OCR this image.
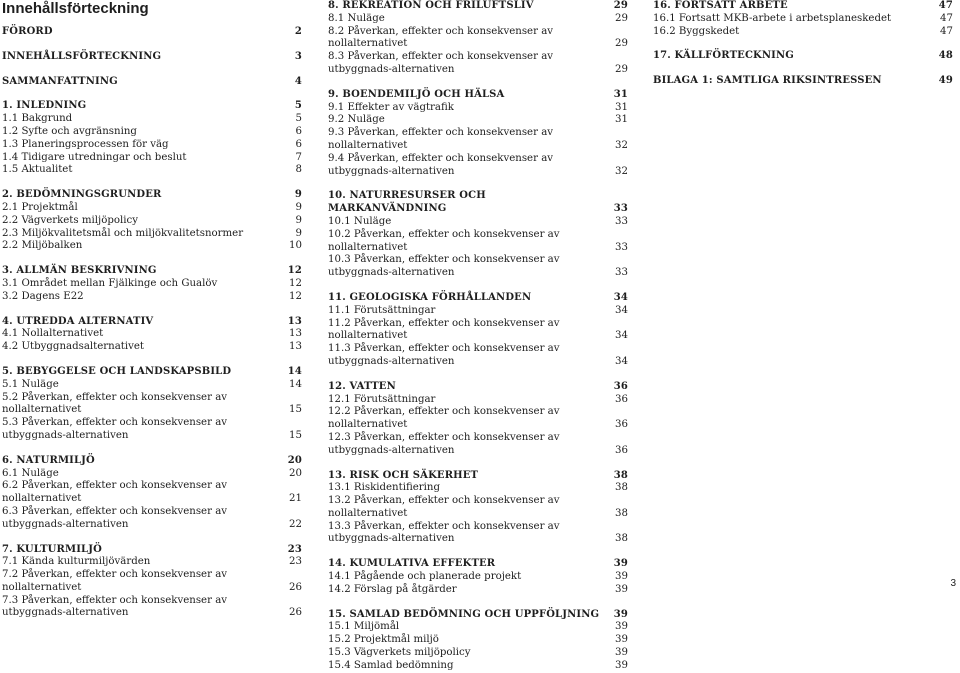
Innehållsförteckning
FÖRORD	2
INNEHÅLLSFÖRTECKNING	3
SAMMANFATTNING	4
1. INLEDNING	5
1.1 Bakgrund	5
1.2 Syfte och avgränsning	6
1.3 Planeringsprocessen för väg	6
1.4 Tidigare utredningar och beslut	7
1.5 Aktualitet	8
2. BEDÖMNINGSGRUNDER	9
2.1 Projektmål	9
2.2 Vägverkets miljöpolicy	9
2.3 Miljökvalitetsmål och miljökvalitetsnormer	9
2.2 Miljöbalken	10
3. ALLMÄN BESKRIVNING	12
3.1 Området mellan Fjälkinge och Gualöv	12
3.2 Dagens E22	12
4. UTREDDA ALTERNATIV	13
4.1 Nollalternativet	13
4.2 Utbyggnadsalternativet	13
5. BEBYGGELSE OCH LANDSKAPSBILD	14
5.1 Nuläge	14
5.2 Påverkan, effekter och konsekvenser av nollalternativet	15
5.3 Påverkan, effekter och konsekvenser av utbyggnads-alternativen	15
6. NATURMILJÖ	20
6.1 Nuläge	20
6.2 Påverkan, effekter och konsekvenser av nollalternativet	21
6.3 Påverkan, effekter och konsekvenser av utbyggnads-alternativen	22
7. KULTURMILJÖ	23
7.1 Kända kulturmiljövärden	23
7.2 Påverkan, effekter och konsekvenser av nollalternativet	26
7.3 Påverkan, effekter och konsekvenser av utbyggnads-alternativen	26
8. REKREATION OCH FRILUFTSLIV	29
8.1 Nuläge	29
8.2 Påverkan, effekter och konsekvenser av nollalternativet	29
8.3 Påverkan, effekter och konsekvenser av utbyggnads-alternativen	29
9. BOENDEMILJÖ OCH HÄLSA	31
9.1 Effekter av vägtrafik	31
9.2 Nuläge	31
9.3 Påverkan, effekter och konsekvenser av nollalternativet	32
9.4 Påverkan, effekter och konsekvenser av utbyggnads-alternativen	32
10. NATURRESURSER OCH MARKANVÄNDNING	33
10.1 Nuläge	33
10.2 Påverkan, effekter och konsekvenser av nollalternativet	33
10.3 Påverkan, effekter och konsekvenser av utbyggnads-alternativen	33
11. GEOLOGISKA FÖRHÅLLANDEN	34
11.1 Förutsättningar	34
11.2 Påverkan, effekter och konsekvenser av nollalternativet	34
11.3 Påverkan, effekter och konsekvenser av utbyggnads-alternativen	34
12. VATTEN	36
12.1 Förutsättningar	36
12.2 Påverkan, effekter och konsekvenser av nollalternativet	36
12.3 Påverkan, effekter och konsekvenser av utbyggnads-alternativen	36
13. RISK OCH SÄKERHET	38
13.1 Riskidentifiering	38
13.2 Påverkan, effekter och konsekvenser av nollalternativet	38
13.3 Påverkan, effekter och konsekvenser av utbyggnads-alternativen	38
14. KUMULATIVA EFFEKTER	39
14.1 Pågående och planerade projekt	39
14.2 Förslag på åtgärder	39
15. SAMLAD BEDÖMNING OCH UPPFÖLJNING	39
15.1 Miljömål	39
15.2 Projektmål miljö	39
15.3 Vägverkets miljöpolicy	39
15.4 Samlad bedömning	39
16. FORTSATT ARBETE	47
16.1 Fortsatt MKB-arbete i arbetsplaneskedet	47
16.2 Byggskedet	47
17. KÄLLFÖRTECKNING	48
BILAGA 1: SAMTLIGA RIKSINTRESSEN	49
3
